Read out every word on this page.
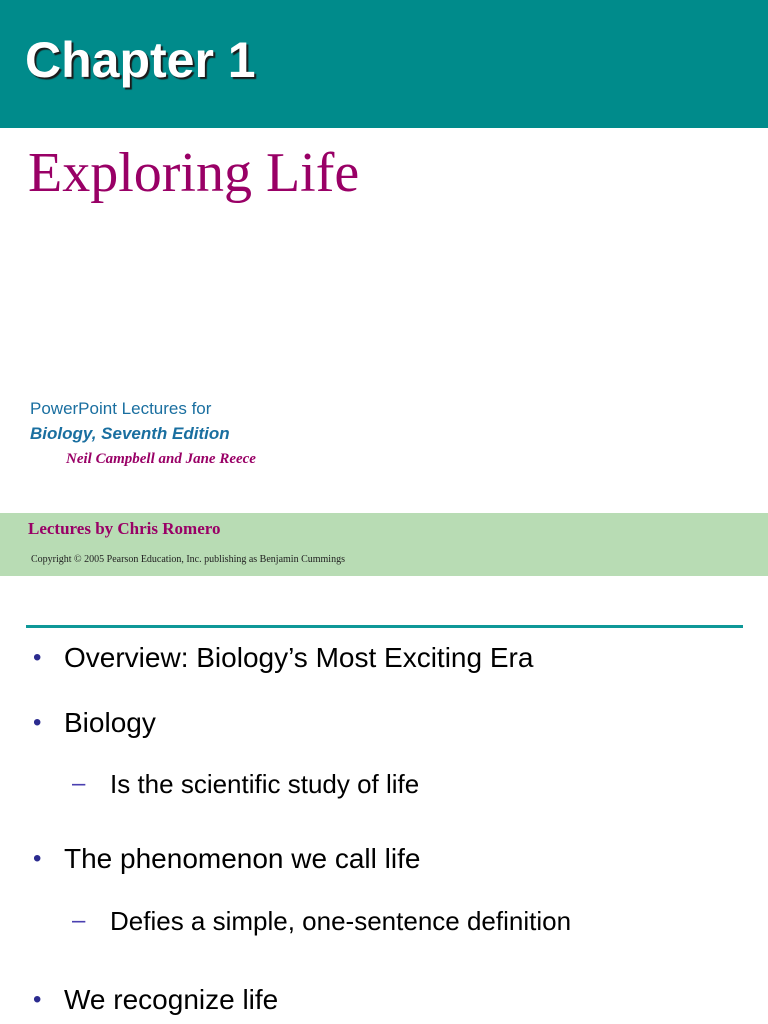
Chapter 1
Exploring Life
PowerPoint Lectures for
Biology, Seventh Edition
Neil Campbell and Jane Reece
Lectures by Chris Romero
Copyright © 2005 Pearson Education, Inc. publishing as Benjamin Cummings
• Overview: Biology’s Most Exciting Era
• Biology
– Is the scientific study of life
• The phenomenon we call life
– Defies a simple, one-sentence definition
• We recognize life
